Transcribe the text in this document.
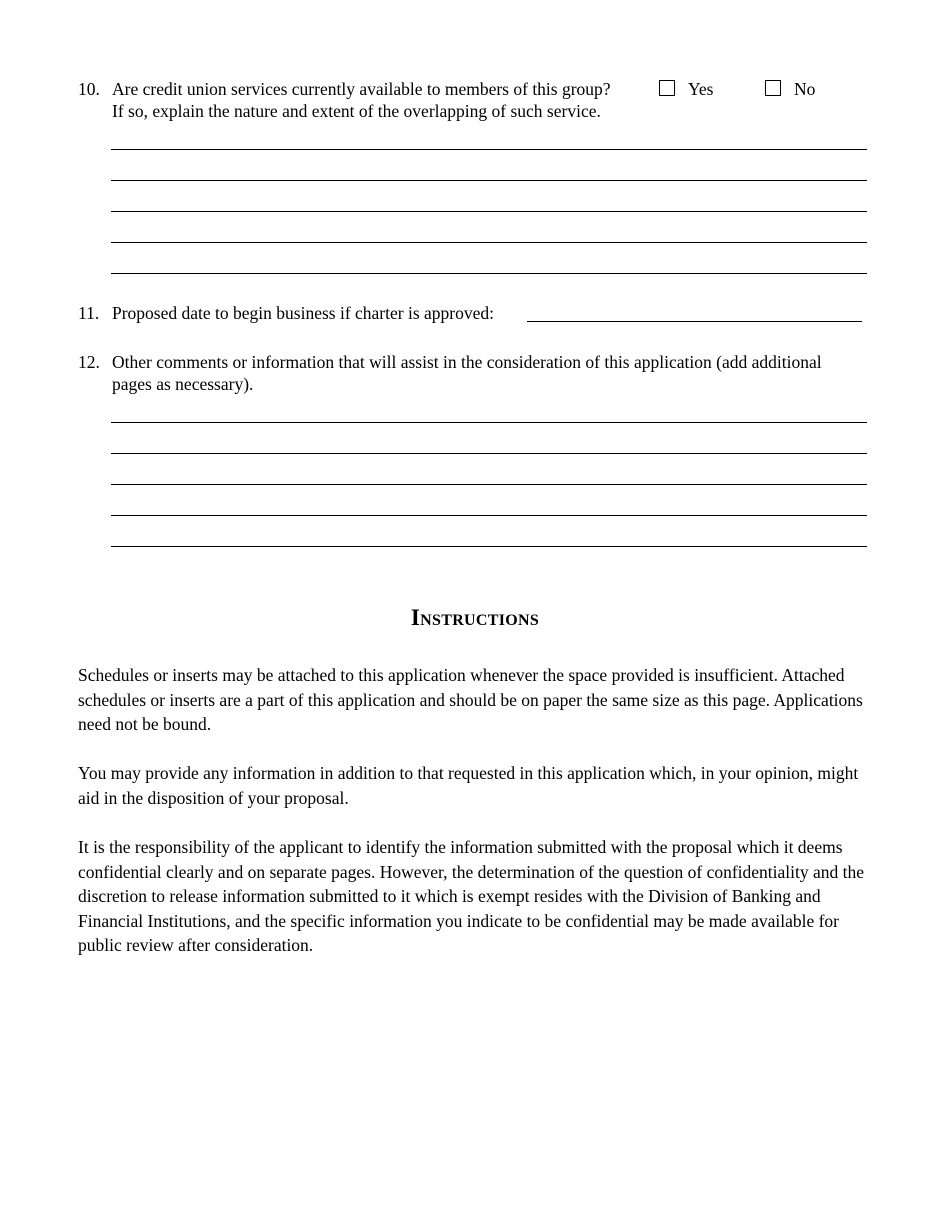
10. Are credit union services currently available to members of this group?	Yes	No
If so, explain the nature and extent of the overlapping of such service.
11. Proposed date to begin business if charter is approved:
12. Other comments or information that will assist in the consideration of this application (add additional
pages as necessary).
Instructions
Schedules or inserts may be attached to this application whenever the space provided is insufficient. Attached schedules or inserts are a part of this application and should be on paper the same size as this page. Applications need not be bound.
You may provide any information in addition to that requested in this application which, in your opinion, might aid in the disposition of your proposal.
It is the responsibility of the applicant to identify the information submitted with the proposal which it deems confidential clearly and on separate pages. However, the determination of the question of confidentiality and the discretion to release information submitted to it which is exempt resides with the Division of Banking and Financial Institutions, and the specific information you indicate to be confidential may be made available for public review after consideration.
